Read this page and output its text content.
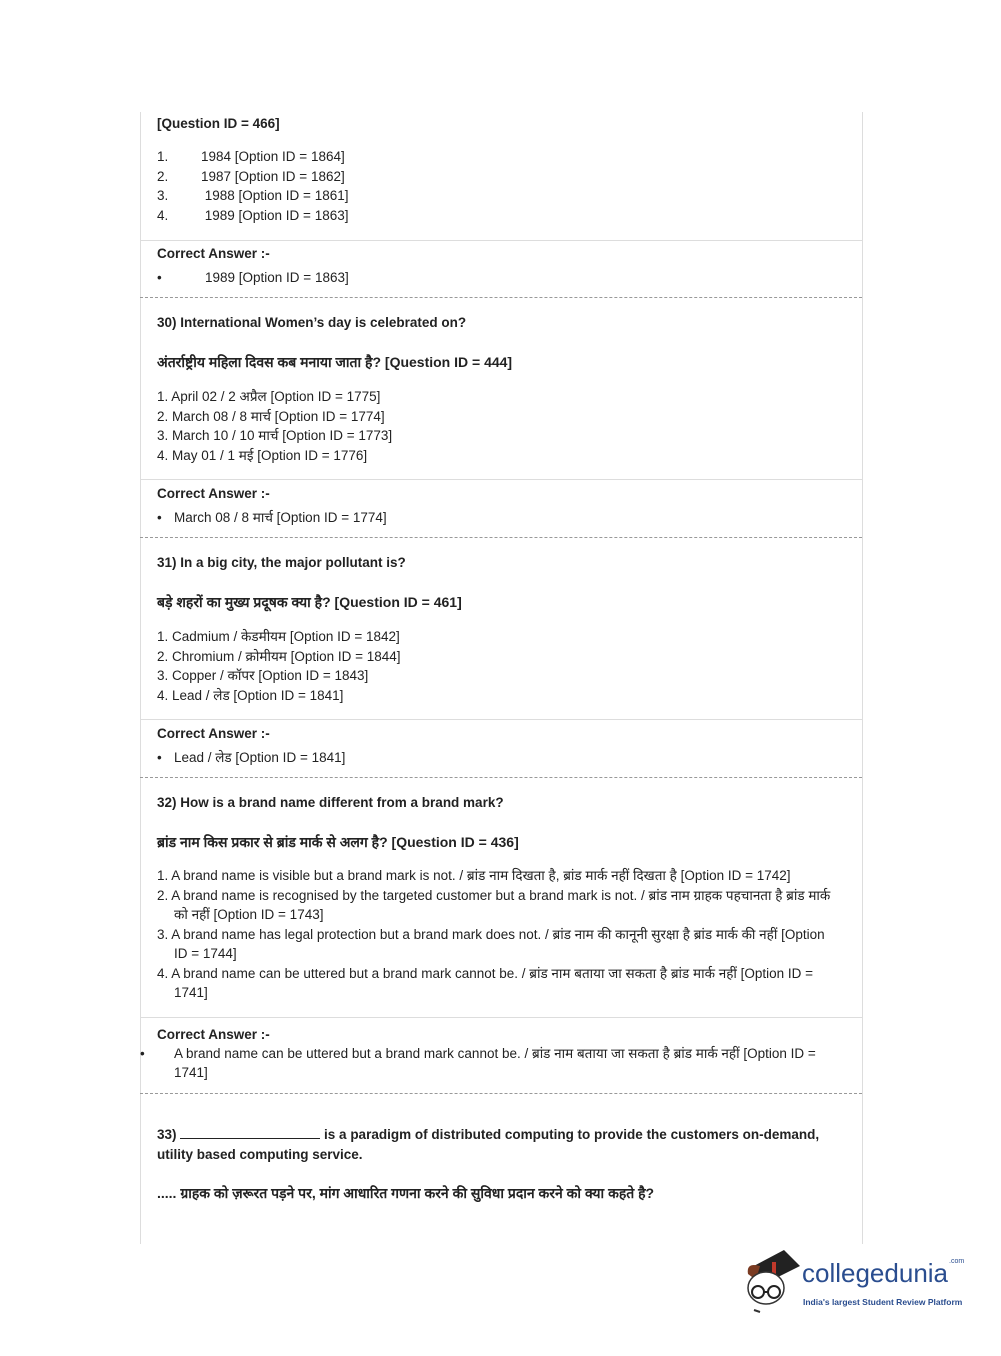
[Question ID = 466]
1. 1984 [Option ID = 1864]
2. 1987 [Option ID = 1862]
3. 1988 [Option ID = 1861]
4. 1989 [Option ID = 1863]
Correct Answer :-
•	1989 [Option ID = 1863]
30) International Women’s day is celebrated on?
अंतर्राष्ट्रीय महिला दिवस कब मनाया जाता है? [Question ID = 444]
1. April 02 / 2 अप्रैल [Option ID = 1775]
2. March 08 / 8 मार्च [Option ID = 1774]
3. March 10 / 10 मार्च [Option ID = 1773]
4. May 01 / 1 मई [Option ID = 1776]
Correct Answer :-
• March 08 / 8 मार्च [Option ID = 1774]
31) In a big city, the major pollutant is?
बड़े शहरों का मुख्य प्रदूषक क्या है? [Question ID = 461]
1. Cadmium / केडमीयम [Option ID = 1842]
2. Chromium / क्रोमीयम [Option ID = 1844]
3. Copper / कॉपर [Option ID = 1843]
4. Lead / लेड [Option ID = 1841]
Correct Answer :-
• Lead / लेड [Option ID = 1841]
32) How is a brand name different from a brand mark?
ब्रांड नाम किस प्रकार से ब्रांड मार्क से अलग है? [Question ID = 436]
1. A brand name is visible but a brand mark is not. / ब्रांड नाम दिखता है, ब्रांड मार्क नहीं दिखता है [Option ID = 1742]
2. A brand name is recognised by the targeted customer but a brand mark is not. / ब्रांड नाम ग्राहक पहचानता है ब्रांड मार्क को नहीं [Option ID = 1743]
3. A brand name has legal protection but a brand mark does not. / ब्रांड नाम की कानूनी सुरक्षा है ब्रांड मार्क की नहीं [Option ID = 1744]
4. A brand name can be uttered but a brand mark cannot be. / ब्रांड नाम बताया जा सकता है ब्रांड मार्क नहीं [Option ID = 1741]
Correct Answer :-
• A brand name can be uttered but a brand mark cannot be. / ब्रांड नाम बताया जा सकता है ब्रांड मार्क नहीं [Option ID = 1741]
33)	is a paradigm of distributed computing to provide the customers on-demand, utility based computing service.
..... ग्राहक को ज़रूरत पड़ने पर, मांग आधारित गणना करने की सुविधा प्रदान करने को क्या कहते है?
collegedunia$^{.com}$
India's largest Student Review Platform
